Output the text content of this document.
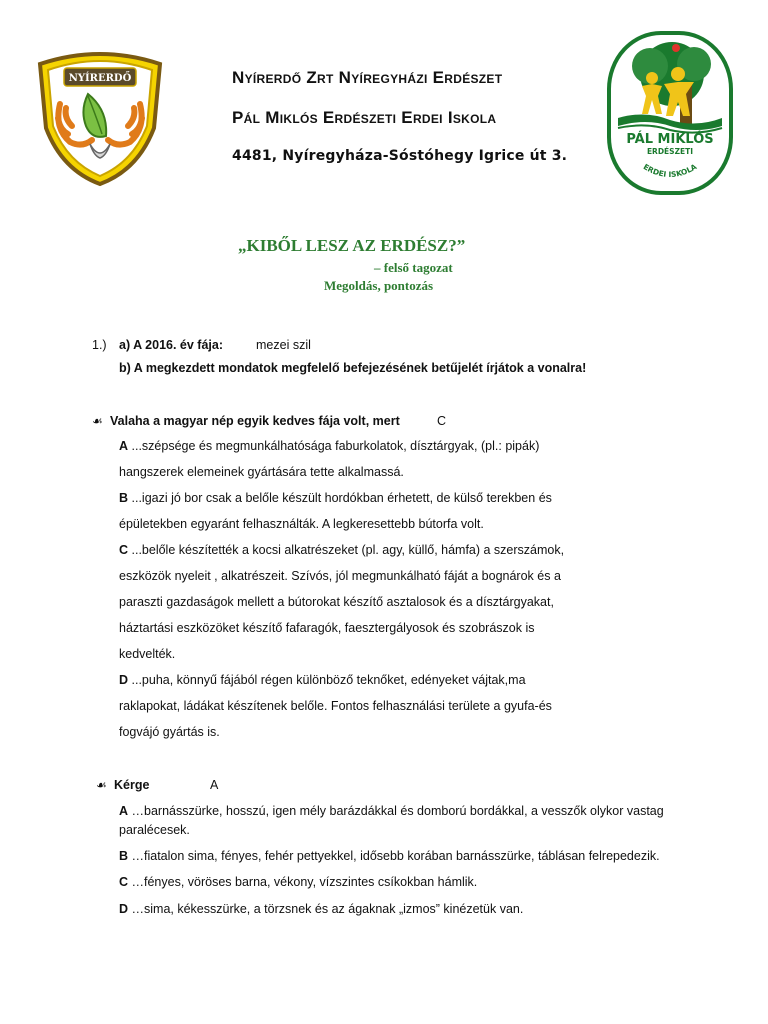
NYÍRERDŐ	Nyírerdő Zrt Nyíregyházi Erdészet
Pál Miklós Erdészeti Erdei Iskola
4481, Nyíregyháza-Sóstóhegy Igrice út 3.
PÁL MIKLÓS
ERDÉSZETI
ERDEI ISKOLA
„KIBŐL LESZ AZ ERDÉSZ?”
– felső tagozat
Megoldás, pontozás
1.) a) A 2016. év fája:	mezei szil
b) A megkezdett mondatok megfelelő befejezésének betűjelét írjátok a vonalra!
☙ Valaha a magyar nép egyik kedves fája volt, mert	C
A ...szépsége és megmunkálhatósága faburkolatok, dísztárgyak, (pl.: pipák)
hangszerek elemeinek gyártására tette alkalmassá.
B ...igazi jó bor csak a belőle készült hordókban érhetett, de külső terekben és
épületekben egyaránt felhasználták. A legkeresettebb bútorfa volt.
C ...belőle készítették a kocsi alkatrészeket (pl. agy, küllő, hámfa) a szerszámok,
eszközök nyeleit , alkatrészeit. Szívós, jól megmunkálható fáját a bognárok és a
paraszti gazdaságok mellett a bútorokat készítő asztalosok és a dísztárgyakat,
háztartási eszközöket készítő fafaragók, faesztergályosok és szobrászok is
kedvelték.
D ...puha, könnyű fájából régen különböző teknőket, edényeket vájtak,ma
raklapokat, ládákat készítenek belőle. Fontos felhasználási területe a gyufa-és
fogvájó gyártás is.
☙ Kérge	A
A …barnásszürke, hosszú, igen mély barázdákkal és domború bordákkal, a vesszők olykor vastag
paralécesek.
B …fiatalon sima, fényes, fehér pettyekkel, idősebb korában barnásszürke, táblásan felrepedezik.
C …fényes, vöröses barna, vékony, vízszintes csíkokban hámlik.
D …sima, kékesszürke, a törzsnek és az ágaknak „izmos” kinézetük van.
